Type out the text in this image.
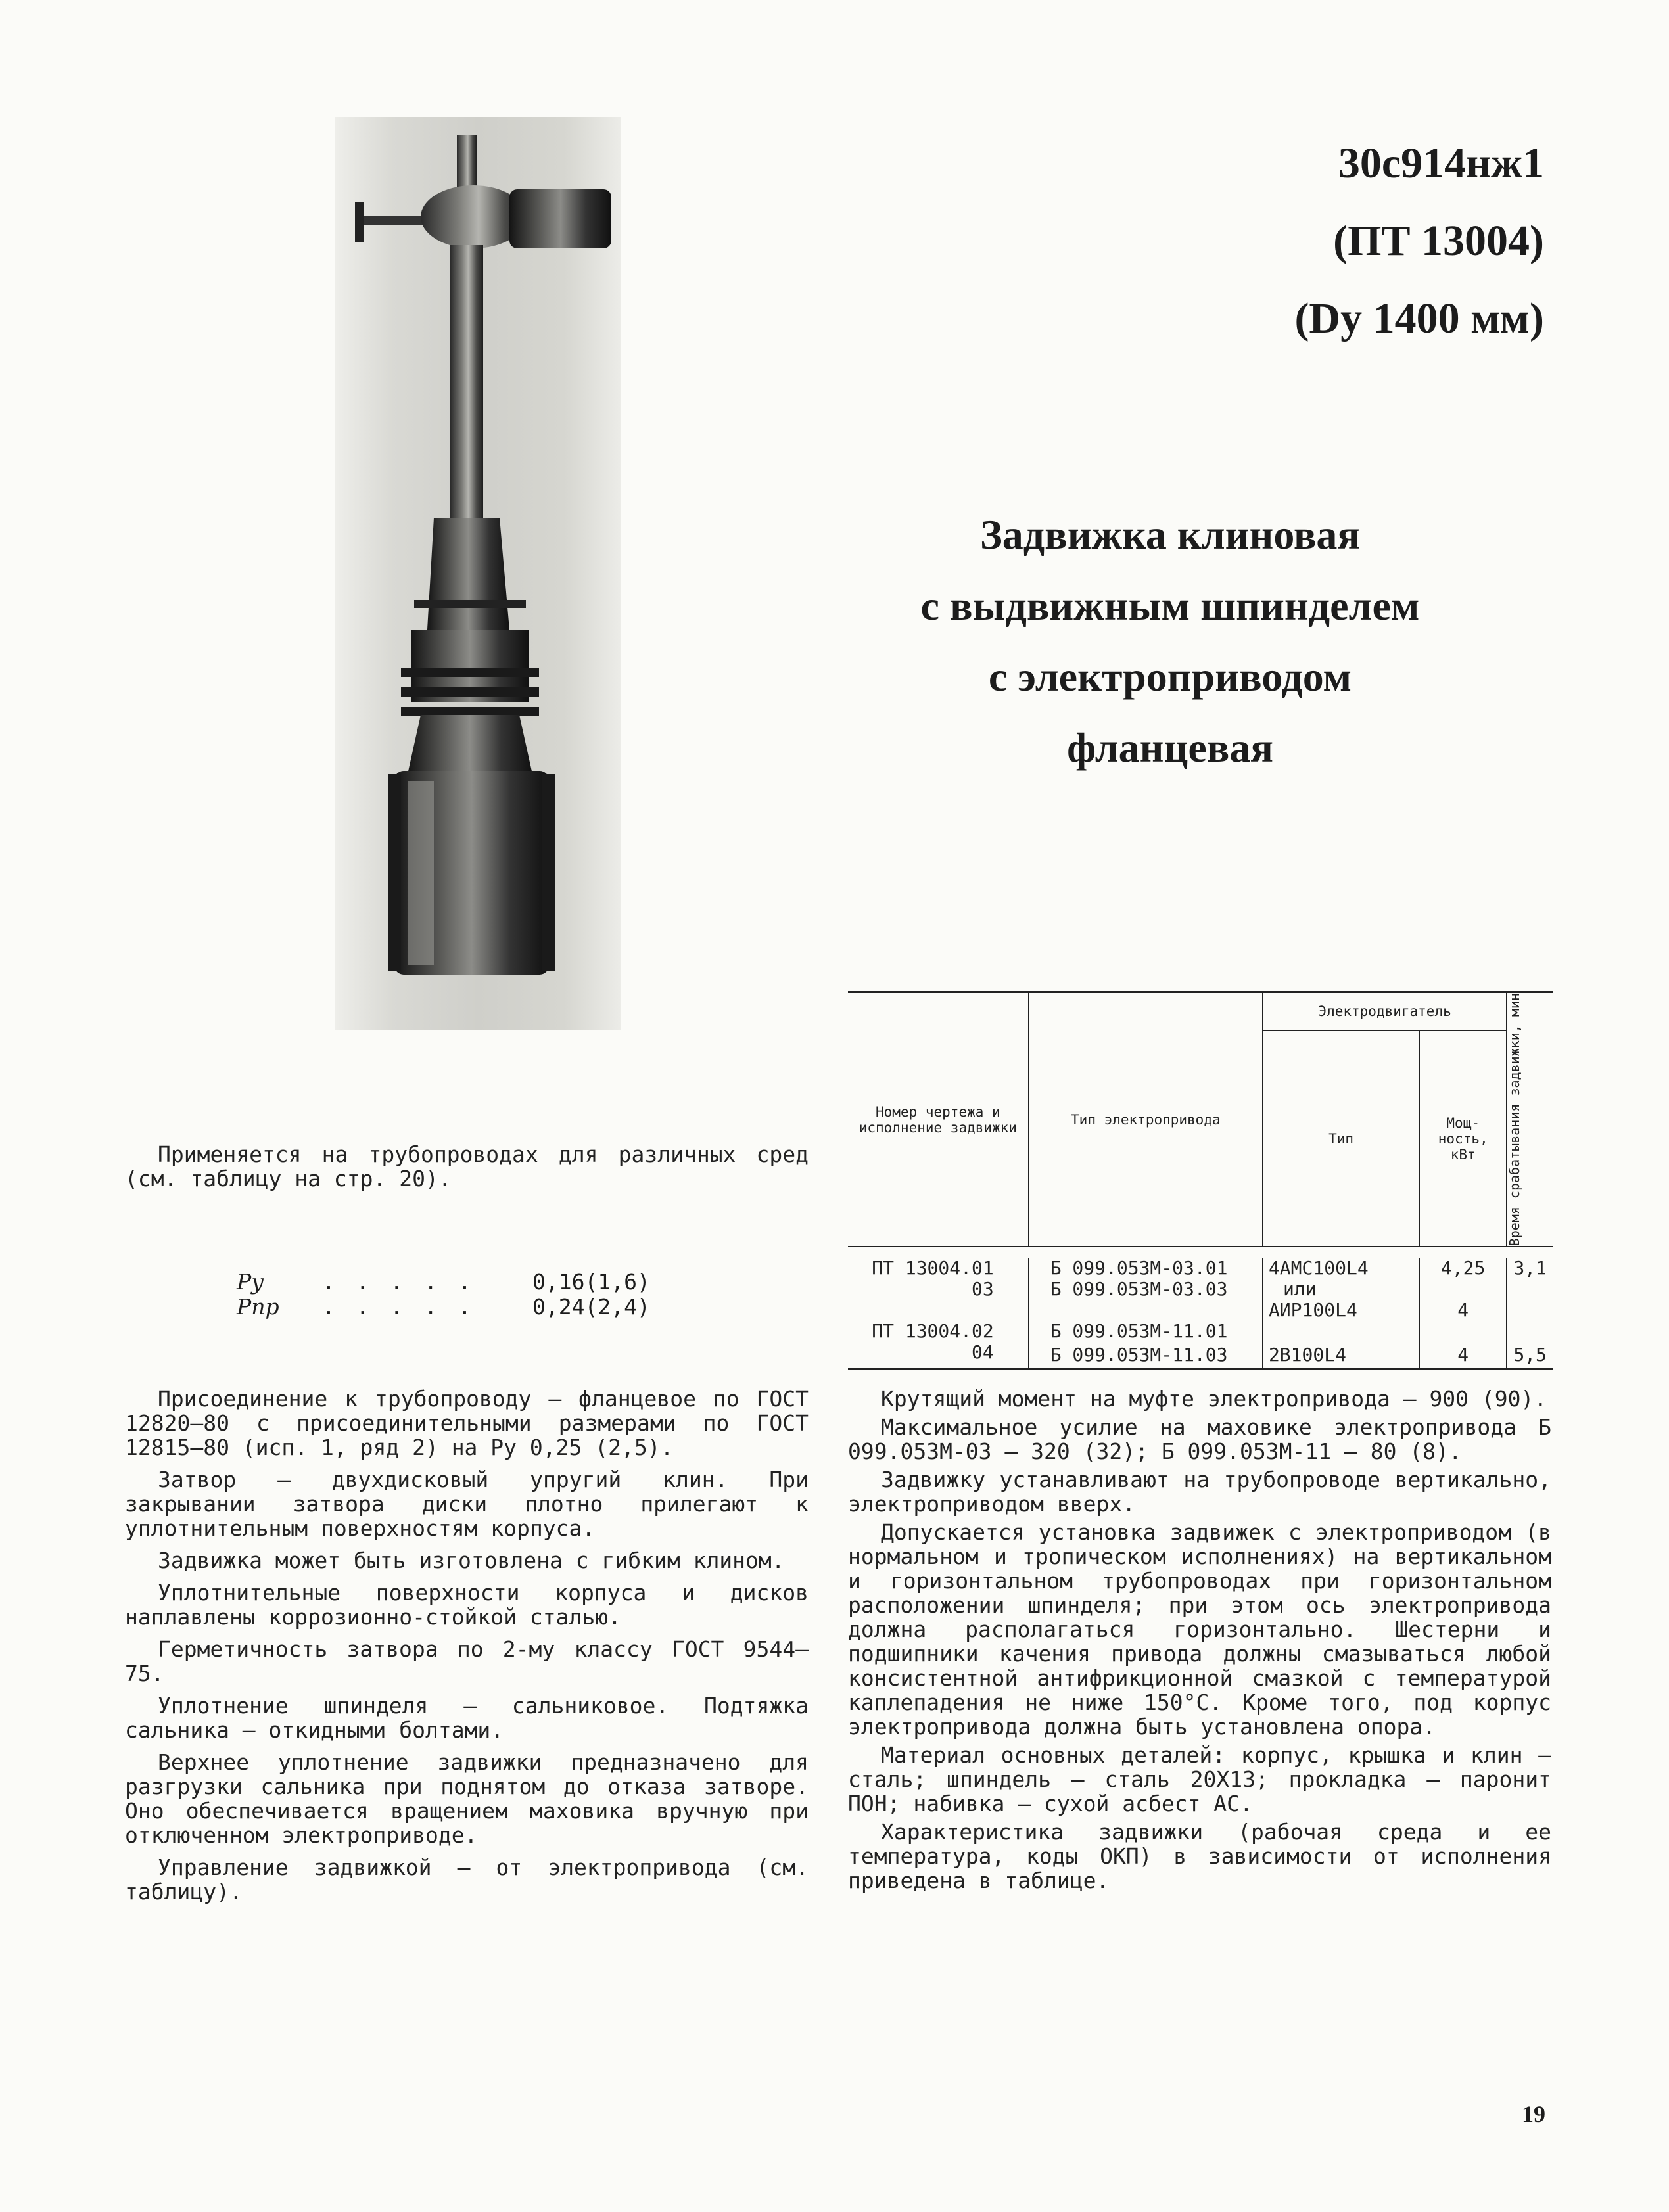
30с914нж1
(ПТ 13004)
(Dy 1400 мм)
Задвижка клиновая
с выдвижным шпинделем
с электроприводом
фланцевая
Номер чертежа и исполнение задвижки	Тип электропривода	Электродвигатель		Время срабатывания задвижки, мин

		Тип	Мощ-ность, кВт	

ПТ 13004.01	Б 099.053М-03.01	4АМС100L4	4,25	3,1
03	Б 099.053М-03.03	или		
		АИР100L4	4	
ПТ 13004.02	Б 099.053М-11.01			
04	Б 099.053М-11.03	2В100L4	4	5,5

Применяется на трубопроводах для различных сред (см. таблицу на стр. 20).

Pу	. . . . .	0,16(1,6)
Pпр	. . . . .	0,24(2,4)

Присоединение к трубопроводу — фланцевое по ГОСТ 12820—80 с присоединительными размерами по ГОСТ 12815—80 (исп. 1, ряд 2) на Pу 0,25 (2,5).

Затвор — двухдисковый упругий клин. При закрывании затвора диски плотно прилегают к уплотнительным поверхностям корпуса.

Задвижка может быть изготовлена с гибким клином.

Уплотнительные поверхности корпуса и дисков наплавлены коррозионно-стойкой сталью.

Герметичность затвора по 2-му классу ГОСТ 9544—75.

Уплотнение шпинделя — сальниковое. Подтяжка сальника — откидными болтами.

Верхнее уплотнение задвижки предназначено для разгрузки сальника при поднятом до отказа затворе. Оно обеспечивается вращением маховика вручную при отключенном электроприводе.

Управление задвижкой — от электропривода (см. таблицу).

Крутящий момент на муфте электропривода — 900 (90).

Максимальное усилие на маховике электропривода Б 099.053М-03 — 320 (32); Б 099.053М-11 — 80 (8).

Задвижку устанавливают на трубопроводе вертикально, электроприводом вверх.

Допускается установка задвижек с электроприводом (в нормальном и тропическом исполнениях) на вертикальном и горизонтальном трубопроводах при горизонтальном расположении шпинделя; при этом ось электропривода должна располагаться горизонтально. Шестерни и подшипники качения привода должны смазываться любой консистентной антифрикционной смазкой с температурой каплепадения не ниже 150°С. Кроме того, под корпус электропривода должна быть установлена опора.

Материал основных деталей: корпус, крышка и клин — сталь; шпиндель — сталь 20Х13; прокладка — паронит ПОН; набивка — сухой асбест АС.

Характеристика задвижки (рабочая среда и ее температура, коды ОКП) в зависимости от исполнения приведена в таблице.

19
